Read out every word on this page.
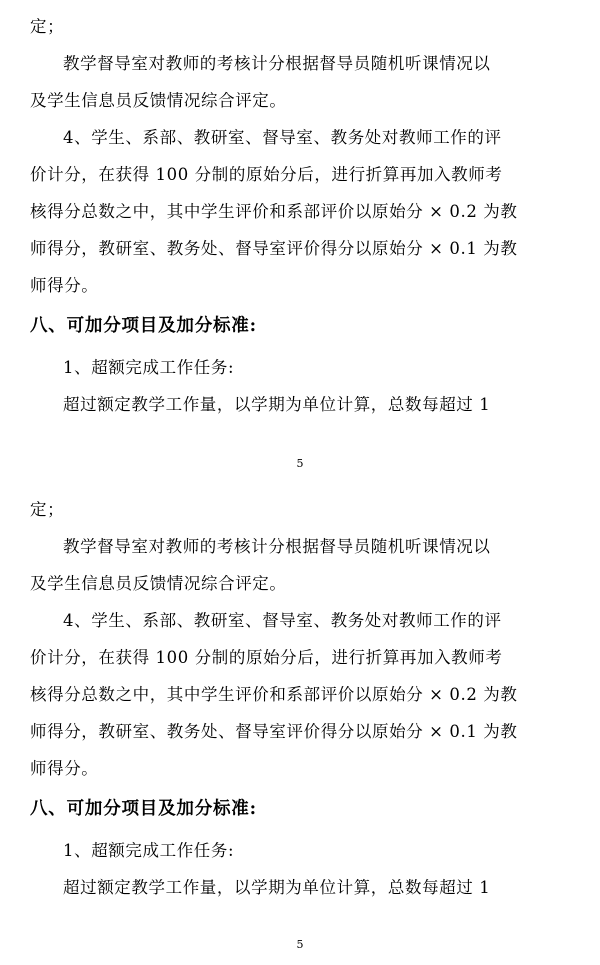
定；
教学督导室对教师的考核计分根据督导员随机听课情况以
及学生信息员反馈情况综合评定。
4、学生、系部、教研室、督导室、教务处对教师工作的评
价计分，在获得 100 分制的原始分后，进行折算再加入教师考
核得分总数之中，其中学生评价和系部评价以原始分 × 0.2 为教
师得分，教研室、教务处、督导室评价得分以原始分 × 0.1 为教
师得分。
八、可加分项目及加分标准:
1、超额完成工作任务:
超过额定教学工作量，以学期为单位计算，总数每超过 1
5
定；
教学督导室对教师的考核计分根据督导员随机听课情况以
及学生信息员反馈情况综合评定。
4、学生、系部、教研室、督导室、教务处对教师工作的评
价计分，在获得 100 分制的原始分后，进行折算再加入教师考
核得分总数之中，其中学生评价和系部评价以原始分 × 0.2 为教
师得分，教研室、教务处、督导室评价得分以原始分 × 0.1 为教
师得分。
八、可加分项目及加分标准:
1、超额完成工作任务:
超过额定教学工作量，以学期为单位计算，总数每超过 1
5
